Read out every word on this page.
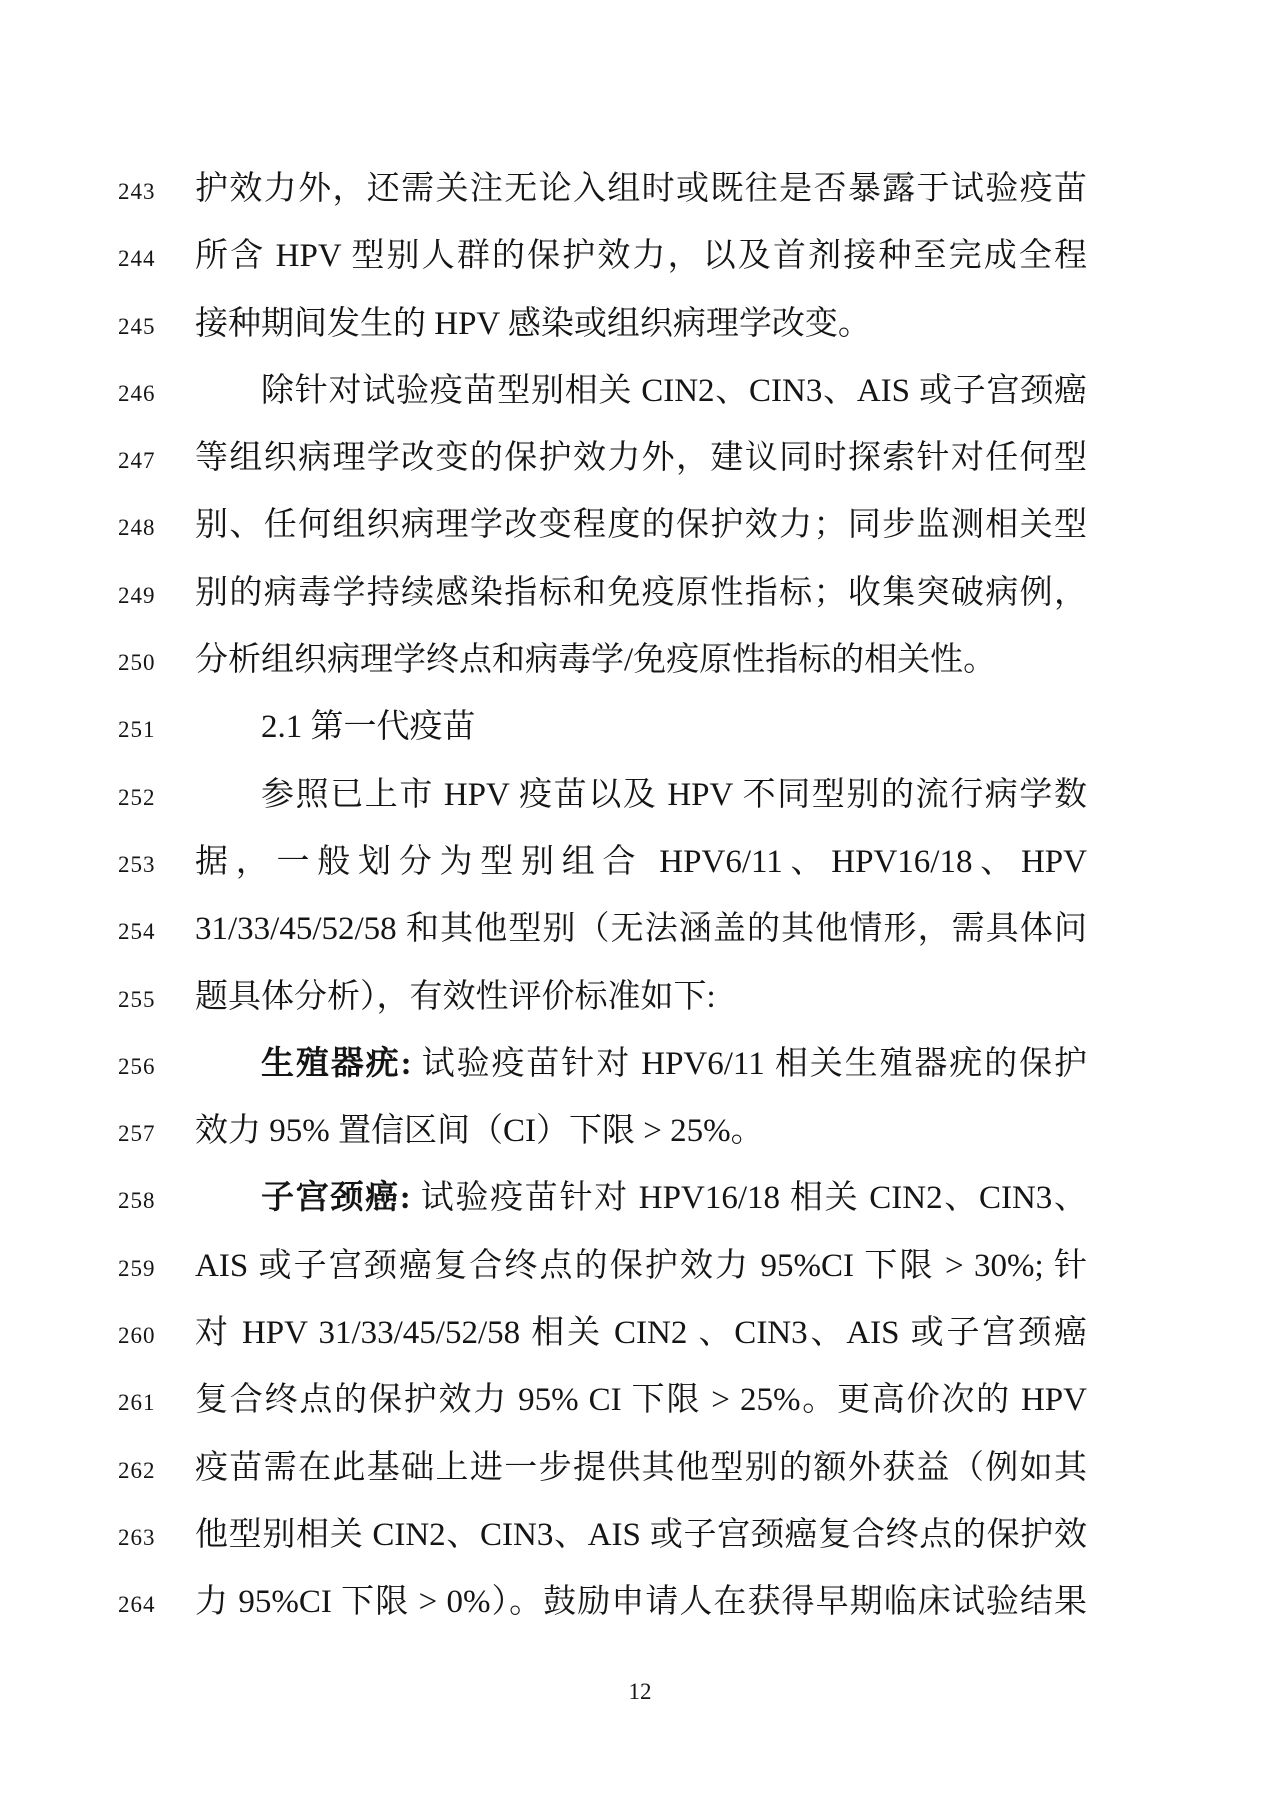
243	护效力外，还需关注无论入组时或既往是否暴露于试验疫苗
244	所含 HPV 型别人群的保护效力，以及首剂接种至完成全程
245	接种期间发生的 HPV 感染或组织病理学改变。
246	除针对试验疫苗型别相关 CIN2、CIN3、AIS 或子宫颈癌
247	等组织病理学改变的保护效力外，建议同时探索针对任何型
248	别、任何组织病理学改变程度的保护效力；同步监测相关型
249	别的病毒学持续感染指标和免疫原性指标；收集突破病例，
250	分析组织病理学终点和病毒学/免疫原性指标的相关性。
251	2.1 第一代疫苗
252	参照已上市 HPV 疫苗以及 HPV 不同型别的流行病学数
253	据，一般划分为型别组合 HPV6/11、HPV16/18、HPV
254	31/33/45/52/58 和其他型别（无法涵盖的其他情形，需具体问
255	题具体分析），有效性评价标准如下:
256	生殖器疣: 试验疫苗针对 HPV6/11 相关生殖器疣的保护
257	效力 95% 置信区间（CI）下限 > 25%。
258	子宫颈癌: 试验疫苗针对 HPV16/18 相关 CIN2、CIN3、
259	AIS 或子宫颈癌复合终点的保护效力 95%CI 下限 > 30%; 针
260	对 HPV 31/33/45/52/58 相关 CIN2 、CIN3、AIS 或子宫颈癌
261	复合终点的保护效力 95% CI 下限 > 25%。更高价次的 HPV
262	疫苗需在此基础上进一步提供其他型别的额外获益（例如其
263	他型别相关 CIN2、CIN3、AIS 或子宫颈癌复合终点的保护效
264	力 95%CI 下限 > 0%）。鼓励申请人在获得早期临床试验结果
12
